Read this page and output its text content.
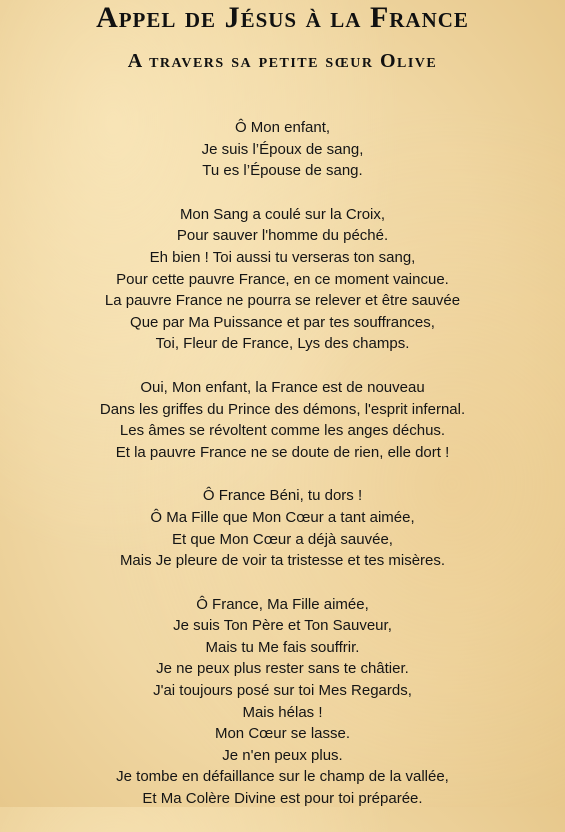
Appel de Jésus à la France
A travers sa petite sœur Olive
Ô Mon enfant,
Je suis l’Époux de sang,
Tu es l’Épouse de sang.
Mon Sang a coulé sur la Croix,
Pour sauver l'homme du péché.
Eh bien ! Toi aussi tu verseras ton sang,
Pour cette pauvre France, en ce moment vaincue.
La pauvre France ne pourra se relever et être sauvée
Que par Ma Puissance et par tes souffrances,
Toi, Fleur de France, Lys des champs.
Oui, Mon enfant, la France est de nouveau
Dans les griffes du Prince des démons, l'esprit infernal.
Les âmes se révoltent comme les anges déchus.
Et la pauvre France ne se doute de rien, elle dort !
Ô France Béni, tu dors !
Ô Ma Fille que Mon Cœur a tant aimée,
Et que Mon Cœur a déjà sauvée,
Mais Je pleure de voir ta tristesse et tes misères.
Ô France, Ma Fille aimée,
Je suis Ton Père et Ton Sauveur,
Mais tu Me fais souffrir.
Je ne peux plus rester sans te châtier.
J'ai toujours posé sur toi Mes Regards,
Mais hélas !
Mon Cœur se lasse.
Je n'en peux plus.
Je tombe en défaillance sur le champ de la vallée,
Et Ma Colère Divine est pour toi préparée.
